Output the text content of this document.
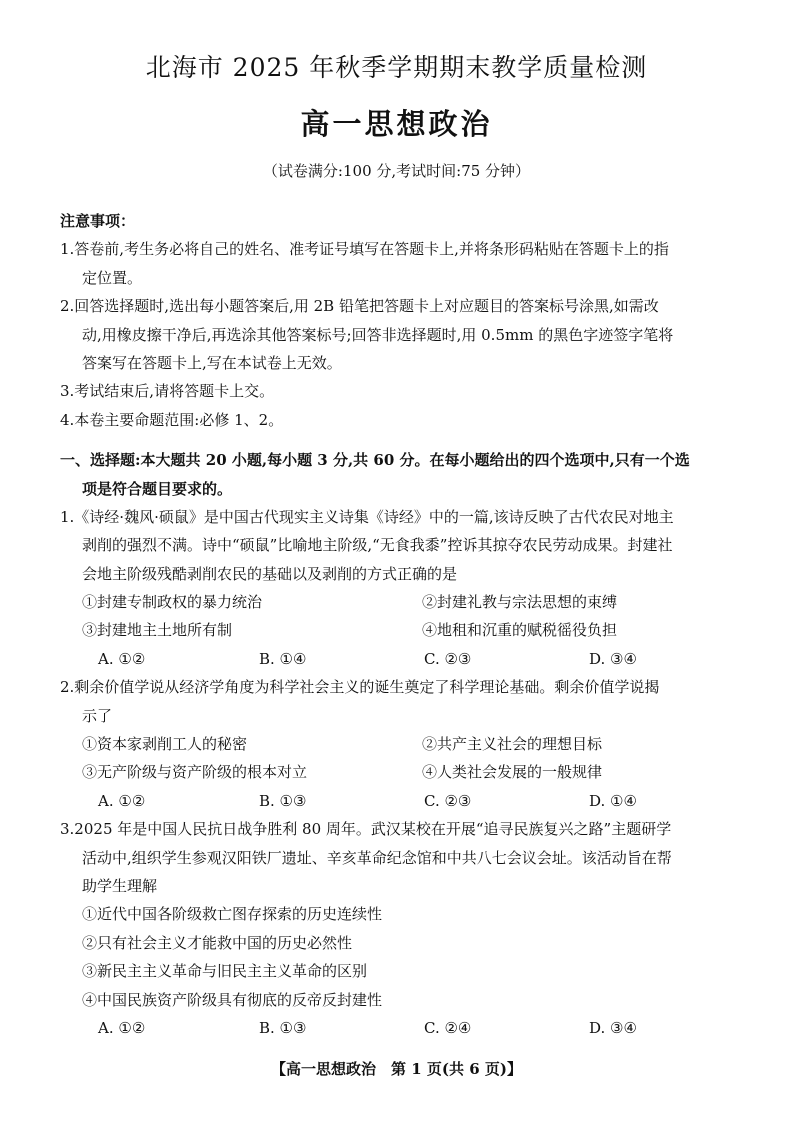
北海市 2025 年秋季学期期末教学质量检测
高一思想政治
（试卷满分:100 分,考试时间:75 分钟）
注意事项：
1.答卷前,考生务必将自己的姓名、准考证号填写在答题卡上,并将条形码粘贴在答题卡上的指
定位置。
2.回答选择题时,选出每小题答案后,用 2B 铅笔把答题卡上对应题目的答案标号涂黑,如需改
动,用橡皮擦干净后,再选涂其他答案标号;回答非选择题时,用 0.5mm 的黑色字迹签字笔将
答案写在答题卡上,写在本试卷上无效。
3.考试结束后,请将答题卡上交。
4.本卷主要命题范围:必修 1、2。
一、选择题:本大题共 20 小题,每小题 3 分,共 60 分。在每小题给出的四个选项中,只有一个选
项是符合题目要求的。
1.《诗经·魏风·硕鼠》是中国古代现实主义诗集《诗经》中的一篇,该诗反映了古代农民对地主
剥削的强烈不满。诗中“硕鼠”比喻地主阶级,“无食我黍”控诉其掠夺农民劳动成果。封建社
会地主阶级残酷剥削农民的基础以及剥削的方式正确的是
①封建专制政权的暴力统治	②封建礼教与宗法思想的束缚
③封建地主土地所有制	④地租和沉重的赋税徭役负担
A. ①②	B. ①④	C. ②③	D. ③④
2.剩余价值学说从经济学角度为科学社会主义的诞生奠定了科学理论基础。剩余价值学说揭
示了
①资本家剥削工人的秘密	②共产主义社会的理想目标
③无产阶级与资产阶级的根本对立	④人类社会发展的一般规律
A. ①②	B. ①③	C. ②③	D. ①④
3.2025 年是中国人民抗日战争胜利 80 周年。武汉某校在开展“追寻民族复兴之路”主题研学
活动中,组织学生参观汉阳铁厂遗址、辛亥革命纪念馆和中共八七会议会址。该活动旨在帮
助学生理解
①近代中国各阶级救亡图存探索的历史连续性
②只有社会主义才能救中国的历史必然性
③新民主主义革命与旧民主主义革命的区别
④中国民族资产阶级具有彻底的反帝反封建性
A. ①②	B. ①③	C. ②④	D. ③④
【高一思想政治　第 1 页(共 6 页)】
